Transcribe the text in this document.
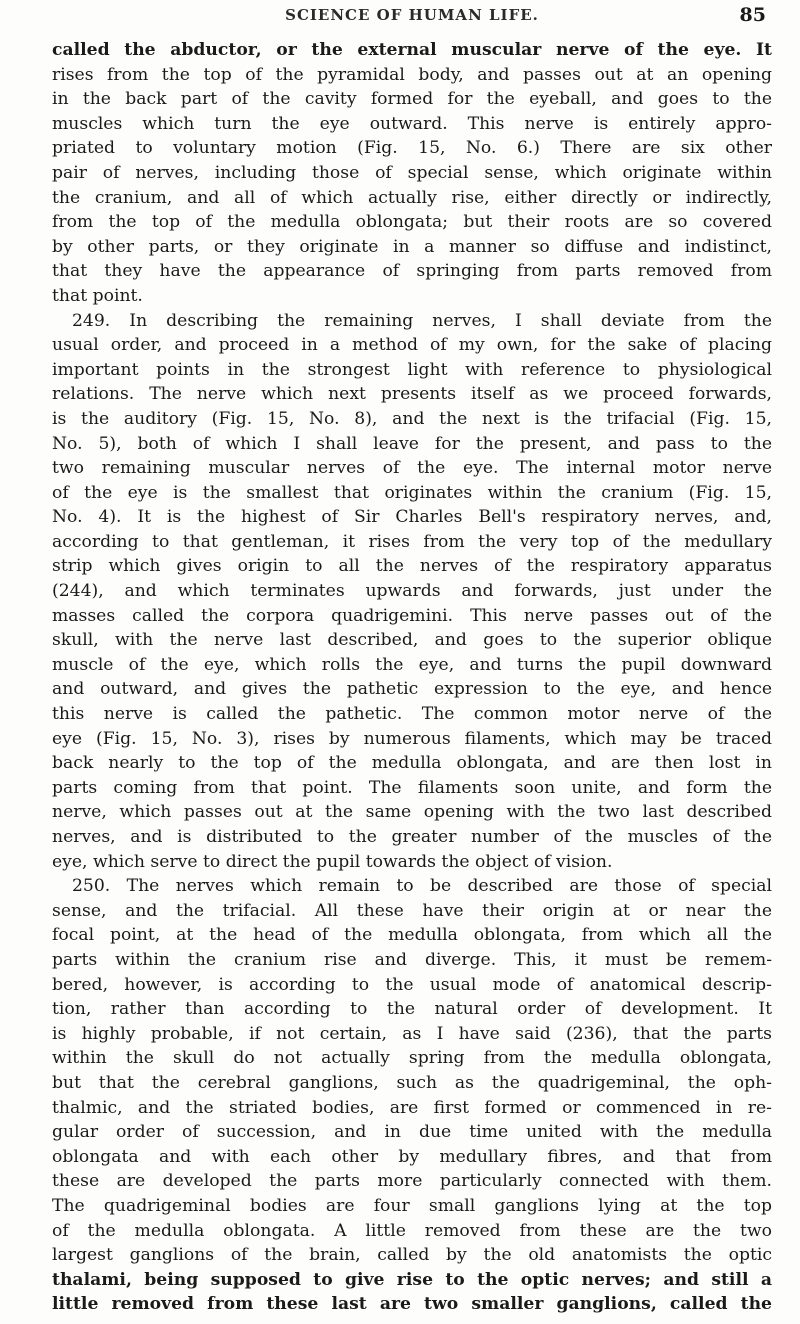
SCIENCE OF HUMAN LIFE.	85

called the abductor, or the external muscular nerve of the eye. It

rises from the top of the pyramidal body, and passes out at an opening

in the back part of the cavity formed for the eyeball, and goes to the

muscles which turn the eye outward. This nerve is entirely appro-

priated to voluntary motion (Fig. 15, No. 6.) There are six other

pair of nerves, including those of special sense, which originate within

the cranium, and all of which actually rise, either directly or indirectly,

from the top of the medulla oblongata; but their roots are so covered

by other parts, or they originate in a manner so diffuse and indistinct,

that they have the appearance of springing from parts removed from

that point.

249. In describing the remaining nerves, I shall deviate from the

usual order, and proceed in a method of my own, for the sake of placing

important points in the strongest light with reference to physiological

relations. The nerve which next presents itself as we proceed forwards,

is the auditory (Fig. 15, No. 8), and the next is the trifacial (Fig. 15,

No. 5), both of which I shall leave for the present, and pass to the

two remaining muscular nerves of the eye. The internal motor nerve

of the eye is the smallest that originates within the cranium (Fig. 15,

No. 4). It is the highest of Sir Charles Bell's respiratory nerves, and,

according to that gentleman, it rises from the very top of the medullary

strip which gives origin to all the nerves of the respiratory apparatus

(244), and which terminates upwards and forwards, just under the

masses called the corpora quadrigemini. This nerve passes out of the

skull, with the nerve last described, and goes to the superior oblique

muscle of the eye, which rolls the eye, and turns the pupil downward

and outward, and gives the pathetic expression to the eye, and hence

this nerve is called the pathetic. The common motor nerve of the

eye (Fig. 15, No. 3), rises by numerous filaments, which may be traced

back nearly to the top of the medulla oblongata, and are then lost in

parts coming from that point. The filaments soon unite, and form the

nerve, which passes out at the same opening with the two last described

nerves, and is distributed to the greater number of the muscles of the

eye, which serve to direct the pupil towards the object of vision.

250. The nerves which remain to be described are those of special

sense, and the trifacial. All these have their origin at or near the

focal point, at the head of the medulla oblongata, from which all the

parts within the cranium rise and diverge. This, it must be remem-

bered, however, is according to the usual mode of anatomical descrip-

tion, rather than according to the natural order of development. It

is highly probable, if not certain, as I have said (236), that the parts

within the skull do not actually spring from the medulla oblongata,

but that the cerebral ganglions, such as the quadrigeminal, the oph-

thalmic, and the striated bodies, are first formed or commenced in re-

gular order of succession, and in due time united with the medulla

oblongata and with each other by medullary fibres, and that from

these are developed the parts more particularly connected with them.

The quadrigeminal bodies are four small ganglions lying at the top

of the medulla oblongata. A little removed from these are the two

largest ganglions of the brain, called by the old anatomists the optic

thalami, being supposed to give rise to the optic nerves; and still a

little removed from these last are two smaller ganglions, called the
